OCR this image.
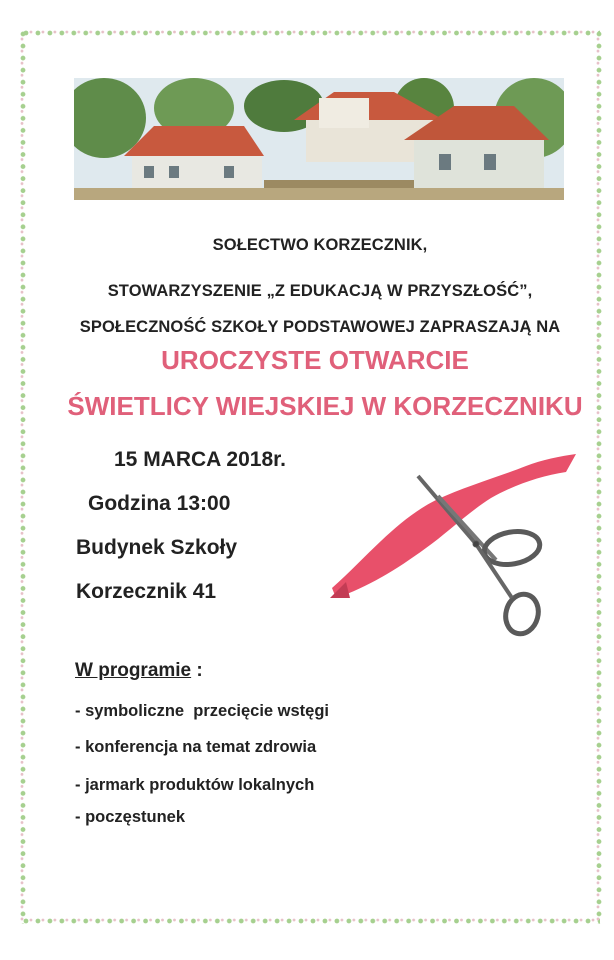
SOŁECTWO KORZECZNIK,
STOWARZYSZENIE „Z EDUKACJĄ W PRZYSZŁOŚĆ”,
SPOŁECZNOŚĆ SZKOŁY PODSTAWOWEJ ZAPRASZAJĄ NA
UROCZYSTE OTWARCIE
ŚWIETLICY WIEJSKIEJ W KORZECZNIKU
15 MARCA 2018r.
Godzina 13:00
Budynek Szkoły
Korzecznik 41
W programie :
- symboliczne  przecięcie wstęgi
- konferencja na temat zdrowia
- jarmark produktów lokalnych
- poczęstunek
